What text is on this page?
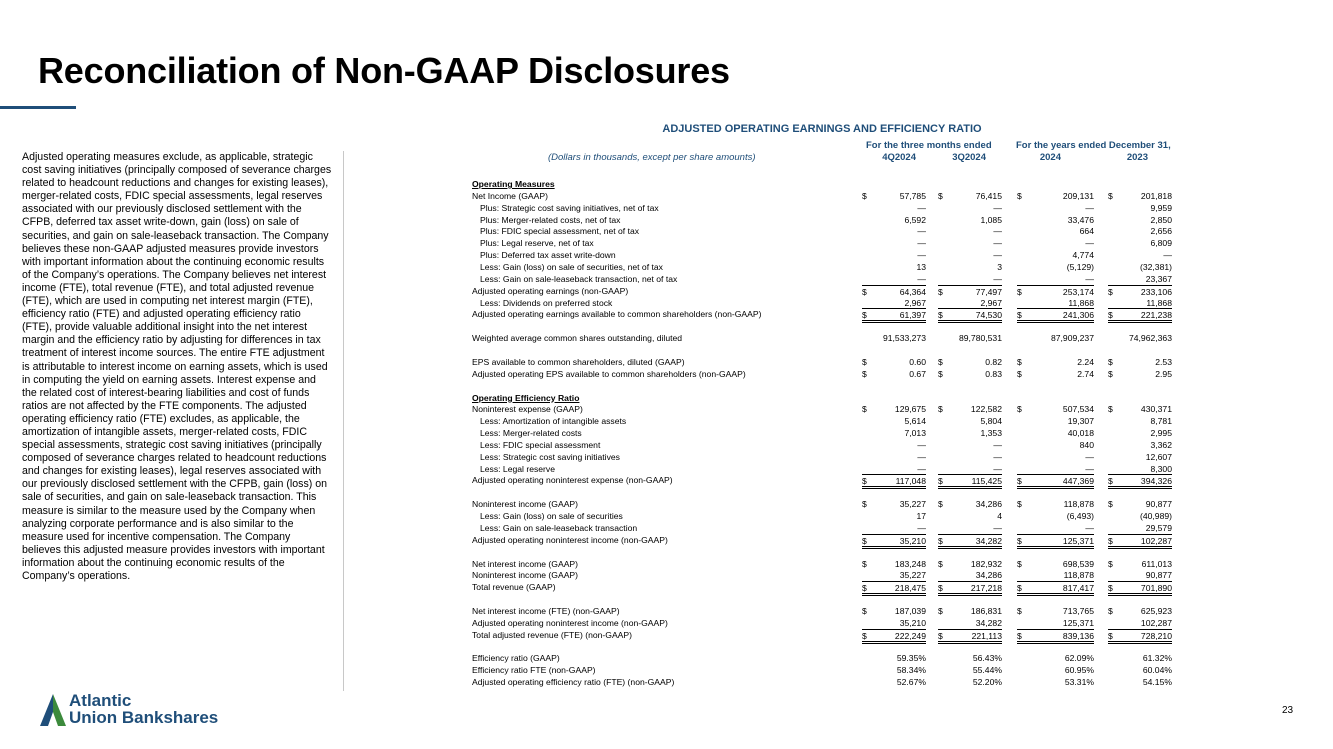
Reconciliation of Non-GAAP Disclosures

Adjusted operating measures exclude, as applicable, strategic cost saving initiatives (principally composed of severance charges related to headcount reductions and changes for existing leases), merger-related costs, FDIC special assessments, legal reserves associated with our previously disclosed settlement with the CFPB, deferred tax asset write-down, gain (loss) on sale of securities, and gain on sale-leaseback transaction. The Company believes these non-GAAP adjusted measures provide investors with important information about the continuing economic results of the Company’s operations. The Company believes net interest income (FTE), total revenue (FTE), and total adjusted revenue (FTE), which are used in computing net interest margin (FTE), efficiency ratio (FTE) and adjusted operating efficiency ratio (FTE), provide valuable additional insight into the net interest margin and the efficiency ratio by adjusting for differences in tax treatment of interest income sources. The entire FTE adjustment is attributable to interest income on earning assets, which is used in computing the yield on earning assets. Interest expense and the related cost of interest-bearing liabilities and cost of funds ratios are not affected by the FTE components. The adjusted operating efficiency ratio (FTE) excludes, as applicable, the amortization of intangible assets, merger-related costs, FDIC special assessments, strategic cost saving initiatives (principally composed of severance charges related to headcount reductions and changes for existing leases), legal reserves associated with our previously disclosed settlement with the CFPB, gain (loss) on sale of securities, and gain on sale-leaseback transaction. This measure is similar to the measure used by the Company when analyzing corporate performance and is also similar to the measure used for incentive compensation. The Company believes this adjusted measure provides investors with important information about the continuing economic results of the Company’s operations.

ADJUSTED OPERATING EARNINGS AND EFFICIENCY RATIO
For the three months ended	For the years ended December 31,
(Dollars in thousands, except per share amounts)	4Q2024	3Q2024	2024	2023
Operating Measures
Net Income (GAAP)	$	57,785 $	76,415 $	209,131 $	201,818
Plus: Strategic cost saving initiatives, net of tax	—	—	—	9,959
Plus: Merger-related costs, net of tax	6,592	1,085	33,476	2,850
Plus: FDIC special assessment, net of tax	—	—	664	2,656
Plus: Legal reserve, net of tax	—	—	—	6,809
Plus: Deferred tax asset write-down	—	—	4,774	—
Less: Gain (loss) on sale of securities, net of tax	13	3	(5,129)	(32,381)
Less: Gain on sale-leaseback transaction, net of tax	—	—	—	23,367
Adjusted operating earnings (non-GAAP)	$	64,364 $	77,497 $	253,174 $	233,106
Less: Dividends on preferred stock	2,967	2,967	11,868	11,868
Adjusted operating earnings available to common shareholders (non-GAAP)	$	61,397 $	74,530 $	241,306 $	221,238
Weighted average common shares outstanding, diluted	91,533,273	89,780,531	87,909,237	74,962,363
EPS available to common shareholders, diluted (GAAP)	$	0.60 $	0.82 $	2.24 $	2.53
Adjusted operating EPS available to common shareholders (non-GAAP)	$	0.67 $	0.83 $	2.74 $	2.95
Operating Efficiency Ratio
Noninterest expense (GAAP)	$	129,675 $	122,582 $	507,534 $	430,371
Less: Amortization of intangible assets	5,614	5,804	19,307	8,781
Less: Merger-related costs	7,013	1,353	40,018	2,995
Less: FDIC special assessment	—	—	840	3,362
Less: Strategic cost saving initiatives	—	—	—	12,607
Less: Legal reserve	—	—	—	8,300
Adjusted operating noninterest expense (non-GAAP)	$	117,048 $	115,425 $	447,369 $	394,326
Noninterest income (GAAP)	$	35,227 $	34,286 $	118,878 $	90,877
Less: Gain (loss) on sale of securities	17	4	(6,493)	(40,989)
Less: Gain on sale-leaseback transaction	—	—	—	29,579
Adjusted operating noninterest income (non-GAAP)	$	35,210 $	34,282 $	125,371 $	102,287
Net interest income (GAAP)	$	183,248 $	182,932 $	698,539 $	611,013
Noninterest income (GAAP)	35,227	34,286	118,878	90,877
Total revenue (GAAP)	$	218,475 $	217,218 $	817,417 $	701,890
Net interest income (FTE) (non-GAAP)	$	187,039 $	186,831 $	713,765 $	625,923
Adjusted operating noninterest income (non-GAAP)	35,210	34,282	125,371	102,287
Total adjusted revenue (FTE) (non-GAAP)	$	222,249 $	221,113 $	839,136 $	728,210
Efficiency ratio (GAAP)	59.35%	56.43%	62.09%	61.32%
Efficiency ratio FTE (non-GAAP)	58.34%	55.44%	60.95%	60.04%
Adjusted operating efficiency ratio (FTE) (non-GAAP)	52.67%	52.20%	53.31%	54.15%
Atlantic
Union Bankshares	23
